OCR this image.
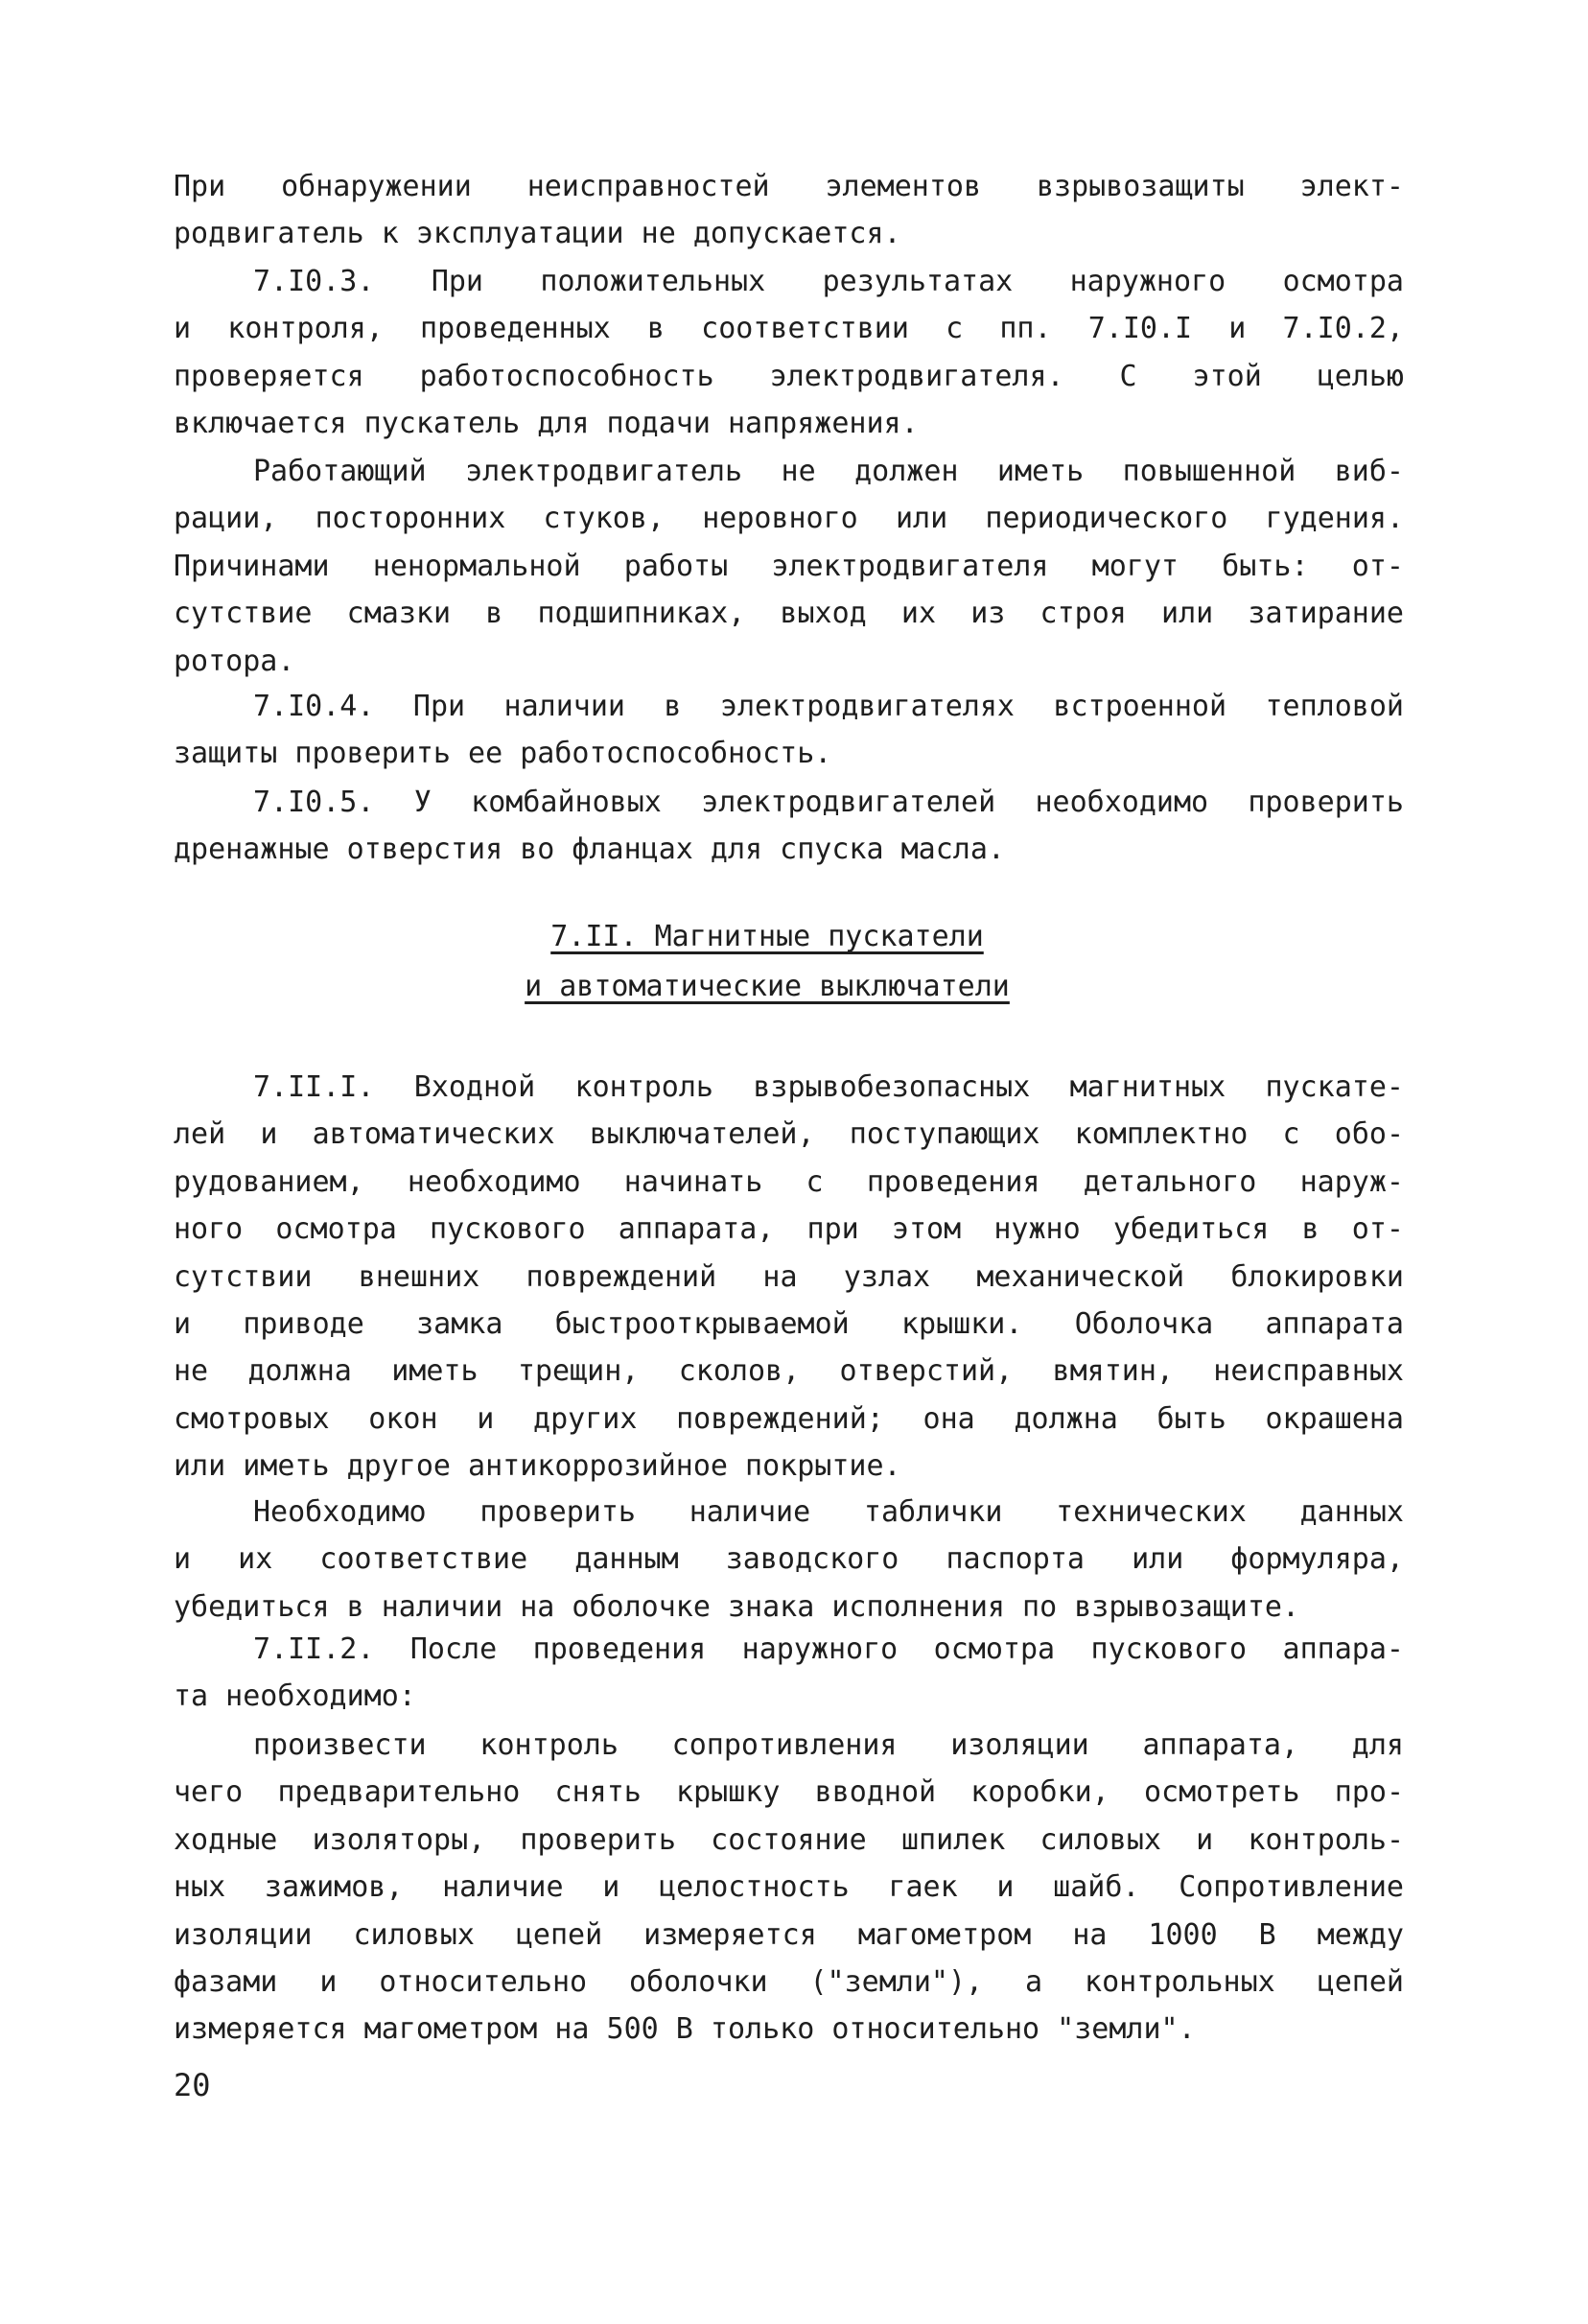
7.II. Магнитные пускатели
и автоматические выключатели
20
При обнаружении неисправностей элементов взрывозащиты элект-
родвигатель к эксплуатации не допускается.
7.I0.3. При положительных результатах наружного осмотра
и контроля, проведенных в соответствии с пп. 7.I0.I и 7.I0.2,
проверяется работоспособность электродвигателя. С этой целью
включается пускатель для подачи напряжения.
Работающий электродвигатель не должен иметь повышенной виб-
рации, посторонних стуков, неровного или периодического гудения.
Причинами ненормальной работы электродвигателя могут быть: от-
сутствие смазки в подшипниках, выход их из строя или затирание
ротора.
7.I0.4. При наличии в электродвигателях встроенной тепловой
защиты проверить ее работоспособность.
7.I0.5. У комбайновых электродвигателей необходимо проверить
дренажные отверстия во фланцах для спуска масла.
7.II.I. Входной контроль взрывобезопасных магнитных пускате-
лей и автоматических выключателей, поступающих комплектно с обо-
рудованием, необходимо начинать с проведения детального наруж-
ного осмотра пускового аппарата, при этом нужно убедиться в от-
сутствии внешних повреждений на узлах механической блокировки
и приводе замка быстрооткрываемой крышки. Оболочка аппарата
не должна иметь трещин, сколов, отверстий, вмятин, неисправных
смотровых окон и других повреждений; она должна быть окрашена
или иметь другое антикоррозийное покрытие.
Необходимо проверить наличие таблички технических данных
и их соответствие данным заводского паспорта или формуляра,
убедиться в наличии на оболочке знака исполнения по взрывозащите.
7.II.2. После проведения наружного осмотра пускового аппара-
та необходимо:
произвести контроль сопротивления изоляции аппарата, для
чего предварительно снять крышку вводной коробки, осмотреть про-
ходные изоляторы, проверить состояние шпилек силовых и контроль-
ных зажимов, наличие и целостность гаек и шайб. Сопротивление
изоляции силовых цепей измеряется магометром на 1000 В между
фазами и относительно оболочки ("земли"), а контрольных цепей
измеряется магометром на 500 В только относительно "земли".
